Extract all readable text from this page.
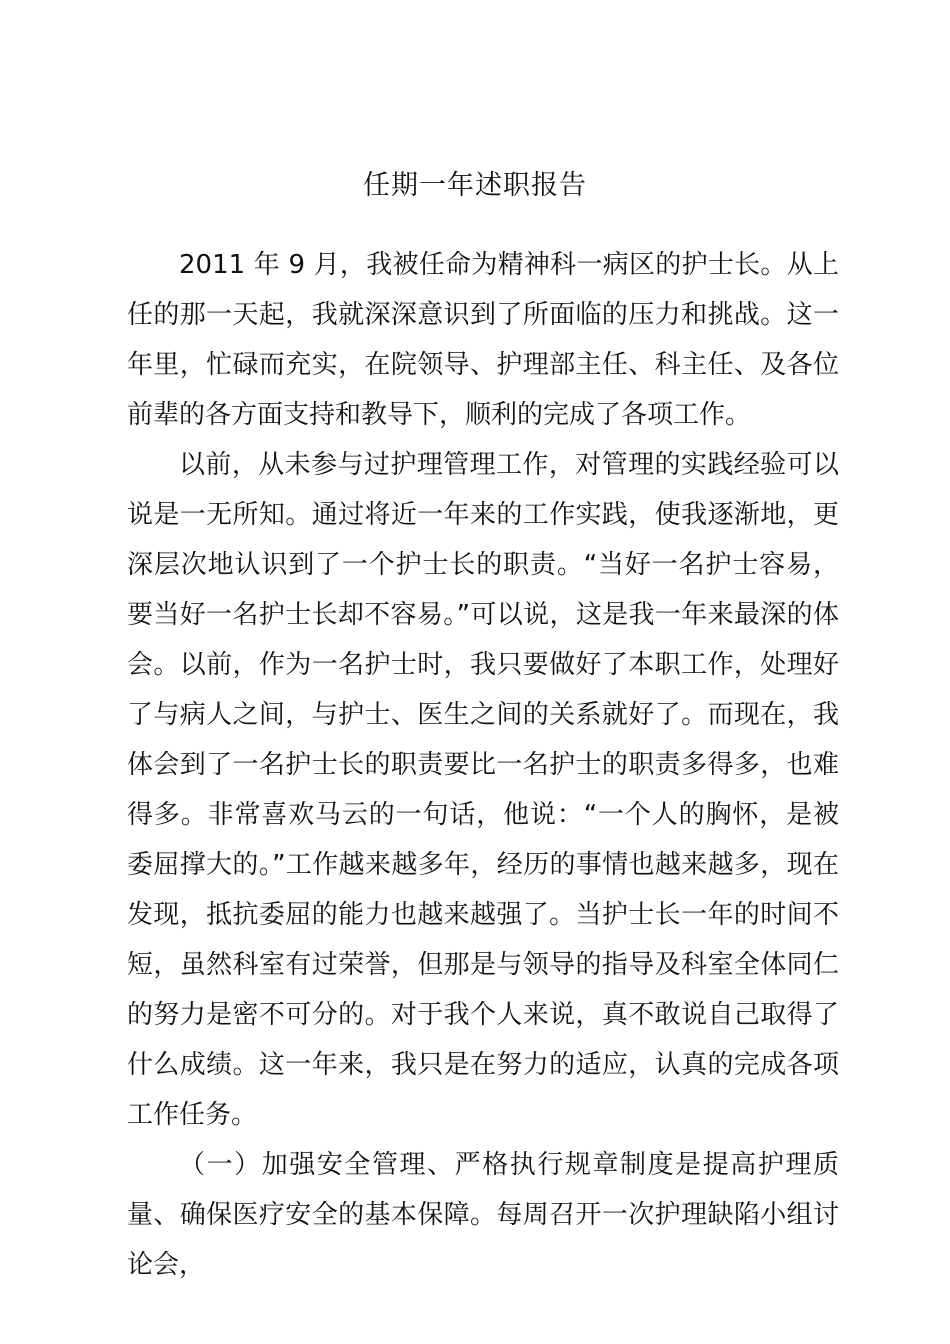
任期一年述职报告

2011 年 9 月，我被任命为精神科一病区的护士长。从上任的那一天起，我就深深意识到了所面临的压力和挑战。这一年里，忙碌而充实，在院领导、护理部主任、科主任、及各位前辈的各方面支持和教导下，顺利的完成了各项工作。

以前，从未参与过护理管理工作，对管理的实践经验可以说是一无所知。通过将近一年来的工作实践，使我逐渐地，更深层次地认识到了一个护士长的职责。“当好一名护士容易，要当好一名护士长却不容易。”可以说，这是我一年来最深的体会。以前，作为一名护士时，我只要做好了本职工作，处理好了与病人之间，与护士、医生之间的关系就好了。而现在，我体会到了一名护士长的职责要比一名护士的职责多得多，也难得多。非常喜欢马云的一句话，他说：“一个人的胸怀，是被委屈撑大的。”工作越来越多年，经历的事情也越来越多，现在发现，抵抗委屈的能力也越来越强了。当护士长一年的时间不短，虽然科室有过荣誉，但那是与领导的指导及科室全体同仁的努力是密不可分的。对于我个人来说，真不敢说自己取得了什么成绩。这一年来，我只是在努力的适应，认真的完成各项工作任务。

（一）加强安全管理、严格执行规章制度是提高护理质量、确保医疗安全的基本保障。每周召开一次护理缺陷小组讨论会，
